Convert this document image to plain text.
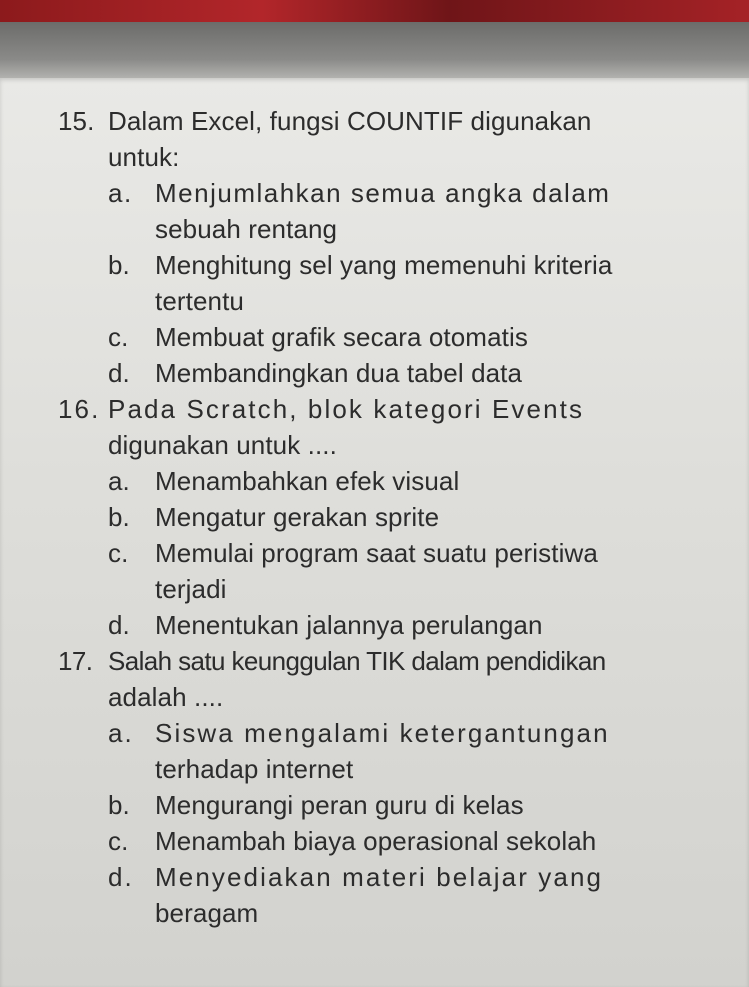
15. Dalam Excel, fungsi COUNTIF digunakan

untuk:

a. Menjumlahkan semua angka dalam

sebuah rentang

b. Menghitung sel yang memenuhi kriteria

tertentu

c. Membuat grafik secara otomatis

d. Membandingkan dua tabel data

16. Pada Scratch, blok kategori Events

digunakan untuk ....

a. Menambahkan efek visual

b. Mengatur gerakan sprite

c. Memulai program saat suatu peristiwa

terjadi

d. Menentukan jalannya perulangan

17. Salah satu keunggulan TIK dalam pendidikan

adalah ....

a. Siswa mengalami ketergantungan

terhadap internet

b. Mengurangi peran guru di kelas

c. Menambah biaya operasional sekolah

d. Menyediakan materi belajar yang

beragam
